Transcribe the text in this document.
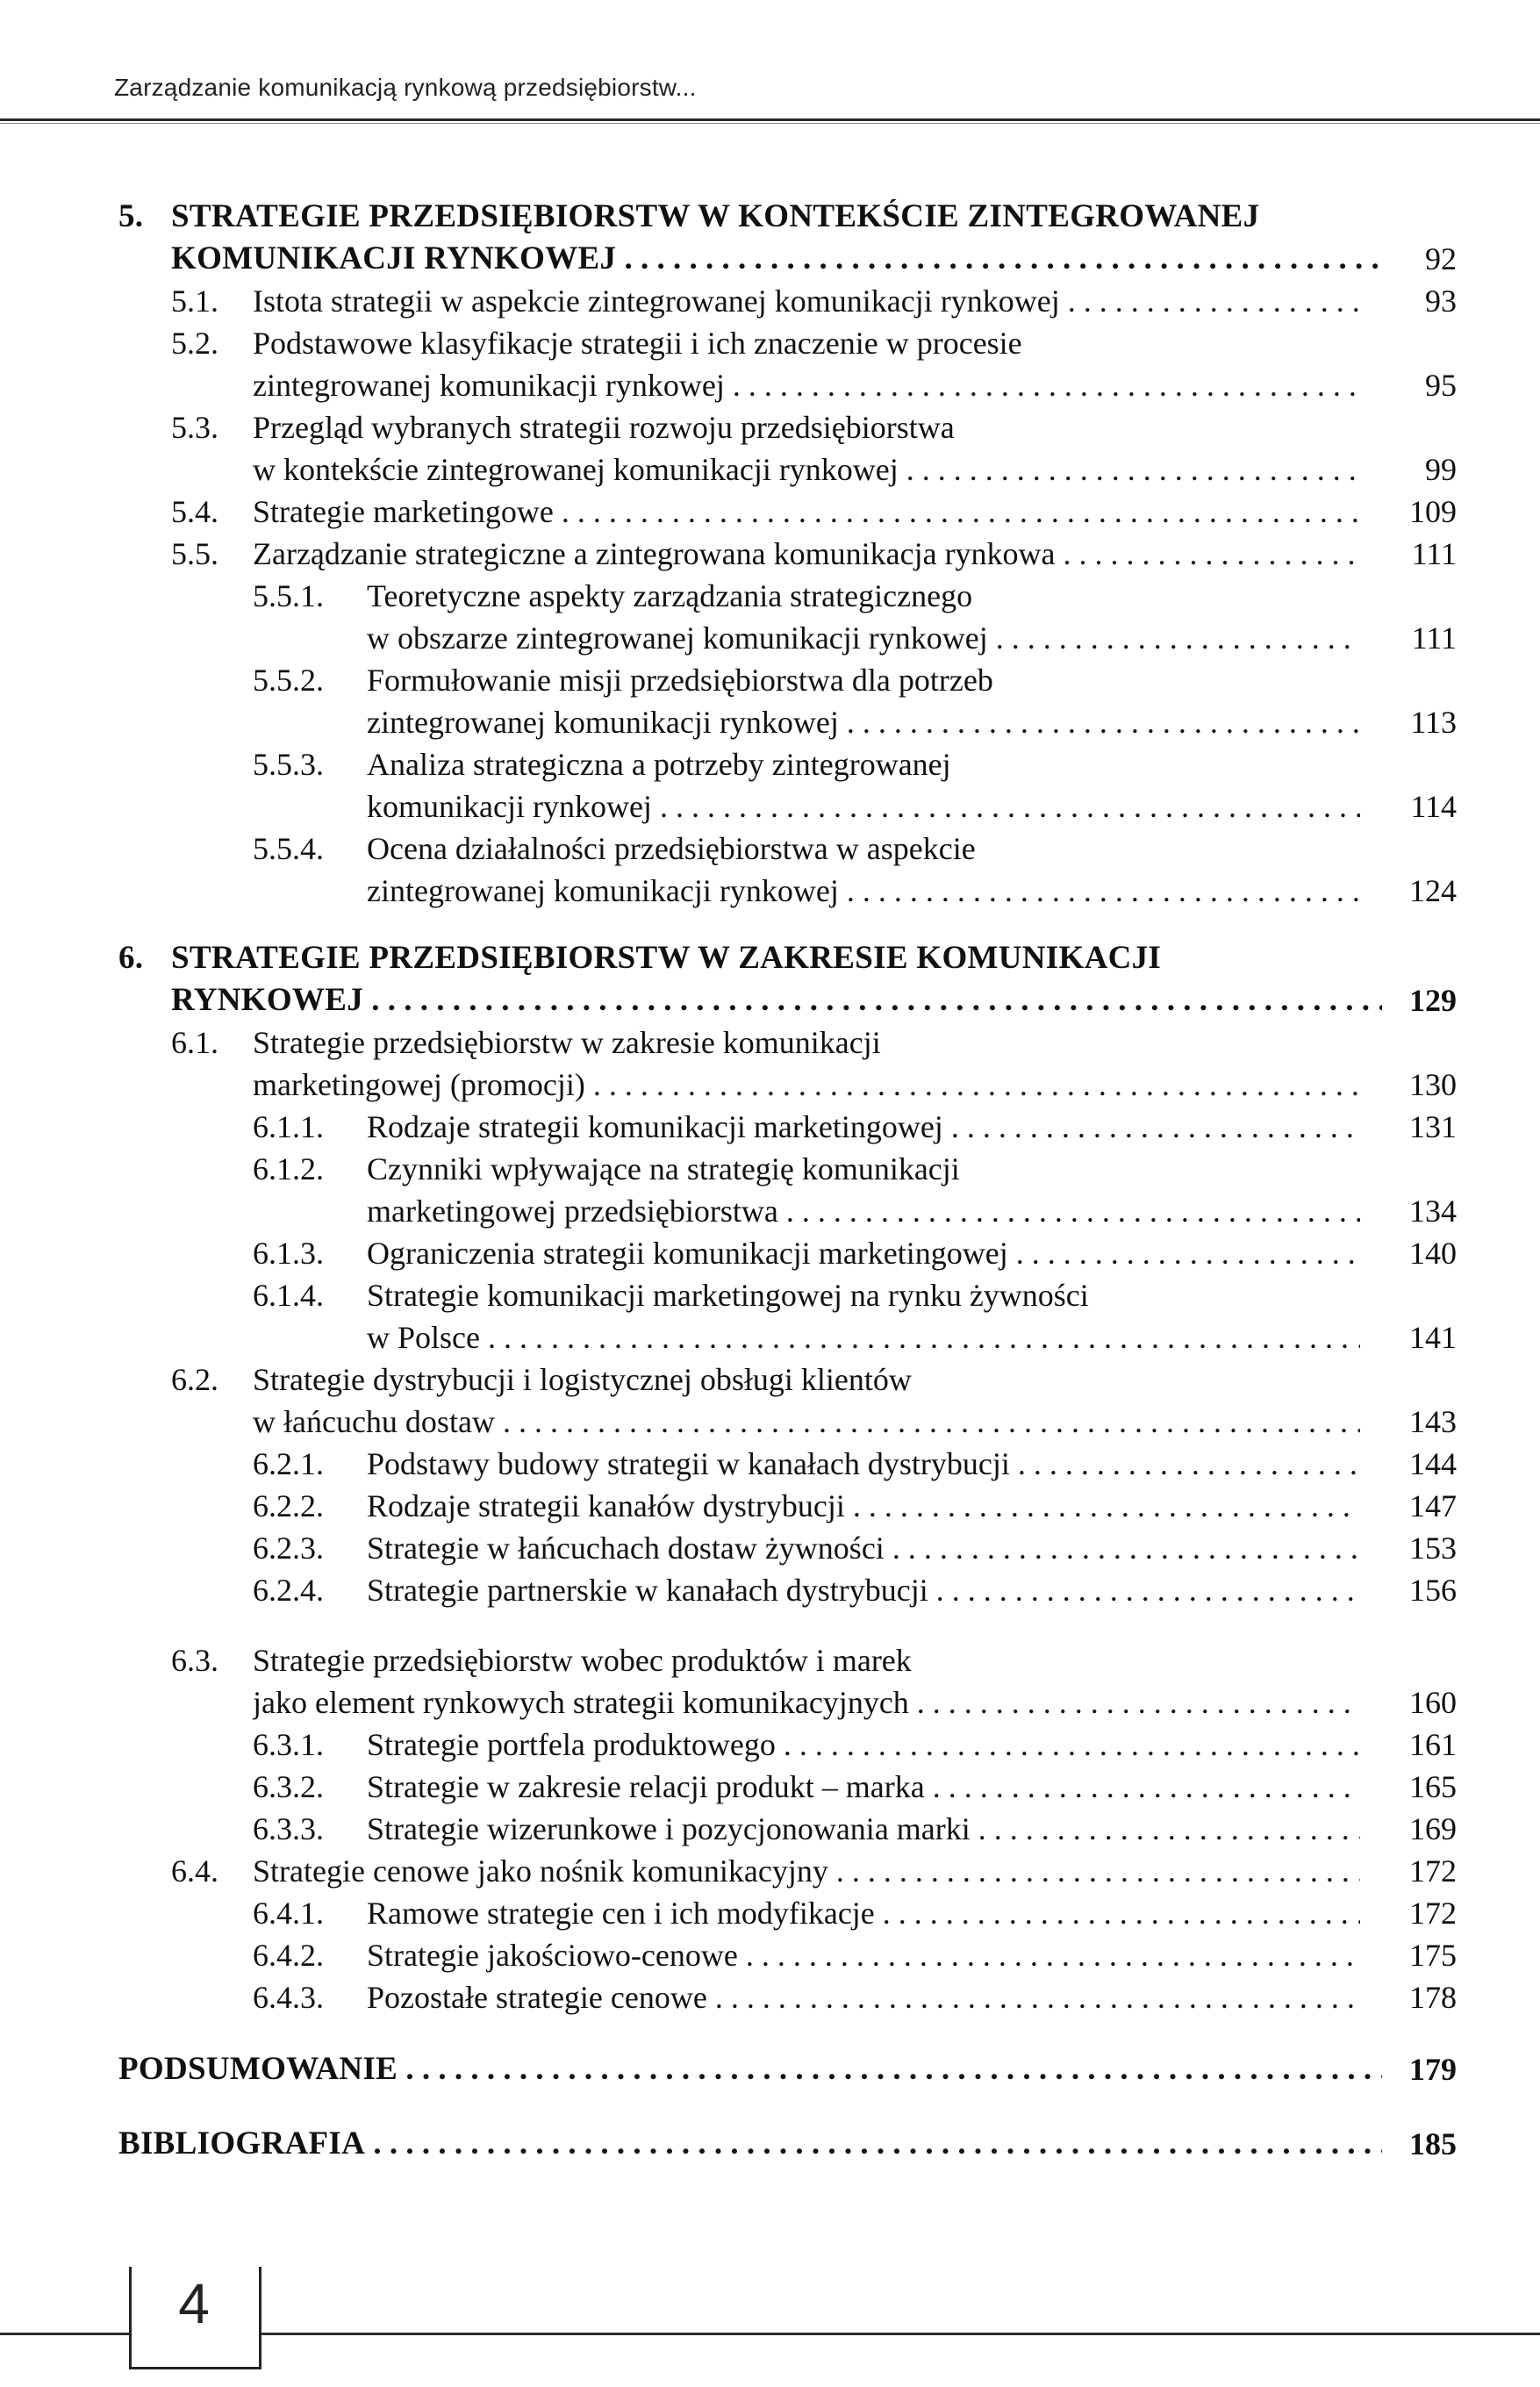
Zarządzanie komunikacją rynkową przedsiębiorstw...
5. STRATEGIE PRZEDSIĘBIORSTW W KONTEKŚCIE ZINTEGROWANEJ
KOMUNIKACJI RYNKOWEJ . . .	92
5.1. Istota strategii w aspekcie zintegrowanej komunikacji rynkowej . . .	93
5.2. Podstawowe klasyfikacje strategii i ich znaczenie w procesie
zintegrowanej komunikacji rynkowej . . .	95
5.3. Przegląd wybranych strategii rozwoju przedsiębiorstwa
w kontekście zintegrowanej komunikacji rynkowej . . .	99
5.4. Strategie marketingowe . . .	109
5.5. Zarządzanie strategiczne a zintegrowana komunikacja rynkowa . . .	111
5.5.1. Teoretyczne aspekty zarządzania strategicznego
w obszarze zintegrowanej komunikacji rynkowej . . .	111
5.5.2. Formułowanie misji przedsiębiorstwa dla potrzeb
zintegrowanej komunikacji rynkowej . . .	113
5.5.3. Analiza strategiczna a potrzeby zintegrowanej
komunikacji rynkowej . . .	114
5.5.4. Ocena działalności przedsiębiorstwa w aspekcie
zintegrowanej komunikacji rynkowej . . .	124
6. STRATEGIE PRZEDSIĘBIORSTW W ZAKRESIE KOMUNIKACJI
RYNKOWEJ . . .	129
6.1. Strategie przedsiębiorstw w zakresie komunikacji
marketingowej (promocji) . . .	130
6.1.1. Rodzaje strategii komunikacji marketingowej . . .	131
6.1.2. Czynniki wpływające na strategię komunikacji
marketingowej przedsiębiorstwa . . .	134
6.1.3. Ograniczenia strategii komunikacji marketingowej . . .	140
6.1.4. Strategie komunikacji marketingowej na rynku żywności
w Polsce . . .	141
6.2. Strategie dystrybucji i logistycznej obsługi klientów
w łańcuchu dostaw . . .	143
6.2.1. Podstawy budowy strategii w kanałach dystrybucji . . .	144
6.2.2. Rodzaje strategii kanałów dystrybucji . . .	147
6.2.3. Strategie w łańcuchach dostaw żywności . . .	153
6.2.4. Strategie partnerskie w kanałach dystrybucji . . .	156
6.3. Strategie przedsiębiorstw wobec produktów i marek
jako element rynkowych strategii komunikacyjnych . . .	160
6.3.1. Strategie portfela produktowego . . .	161
6.3.2. Strategie w zakresie relacji produkt – marka . . .	165
6.3.3. Strategie wizerunkowe i pozycjonowania marki . . .	169
6.4. Strategie cenowe jako nośnik komunikacyjny . . .	172
6.4.1. Ramowe strategie cen i ich modyfikacje . . .	172
6.4.2. Strategie jakościowo-cenowe . . .	175
6.4.3. Pozostałe strategie cenowe . . .	178
PODSUMOWANIE . . .	179
BIBLIOGRAFIA . . .	185
4
